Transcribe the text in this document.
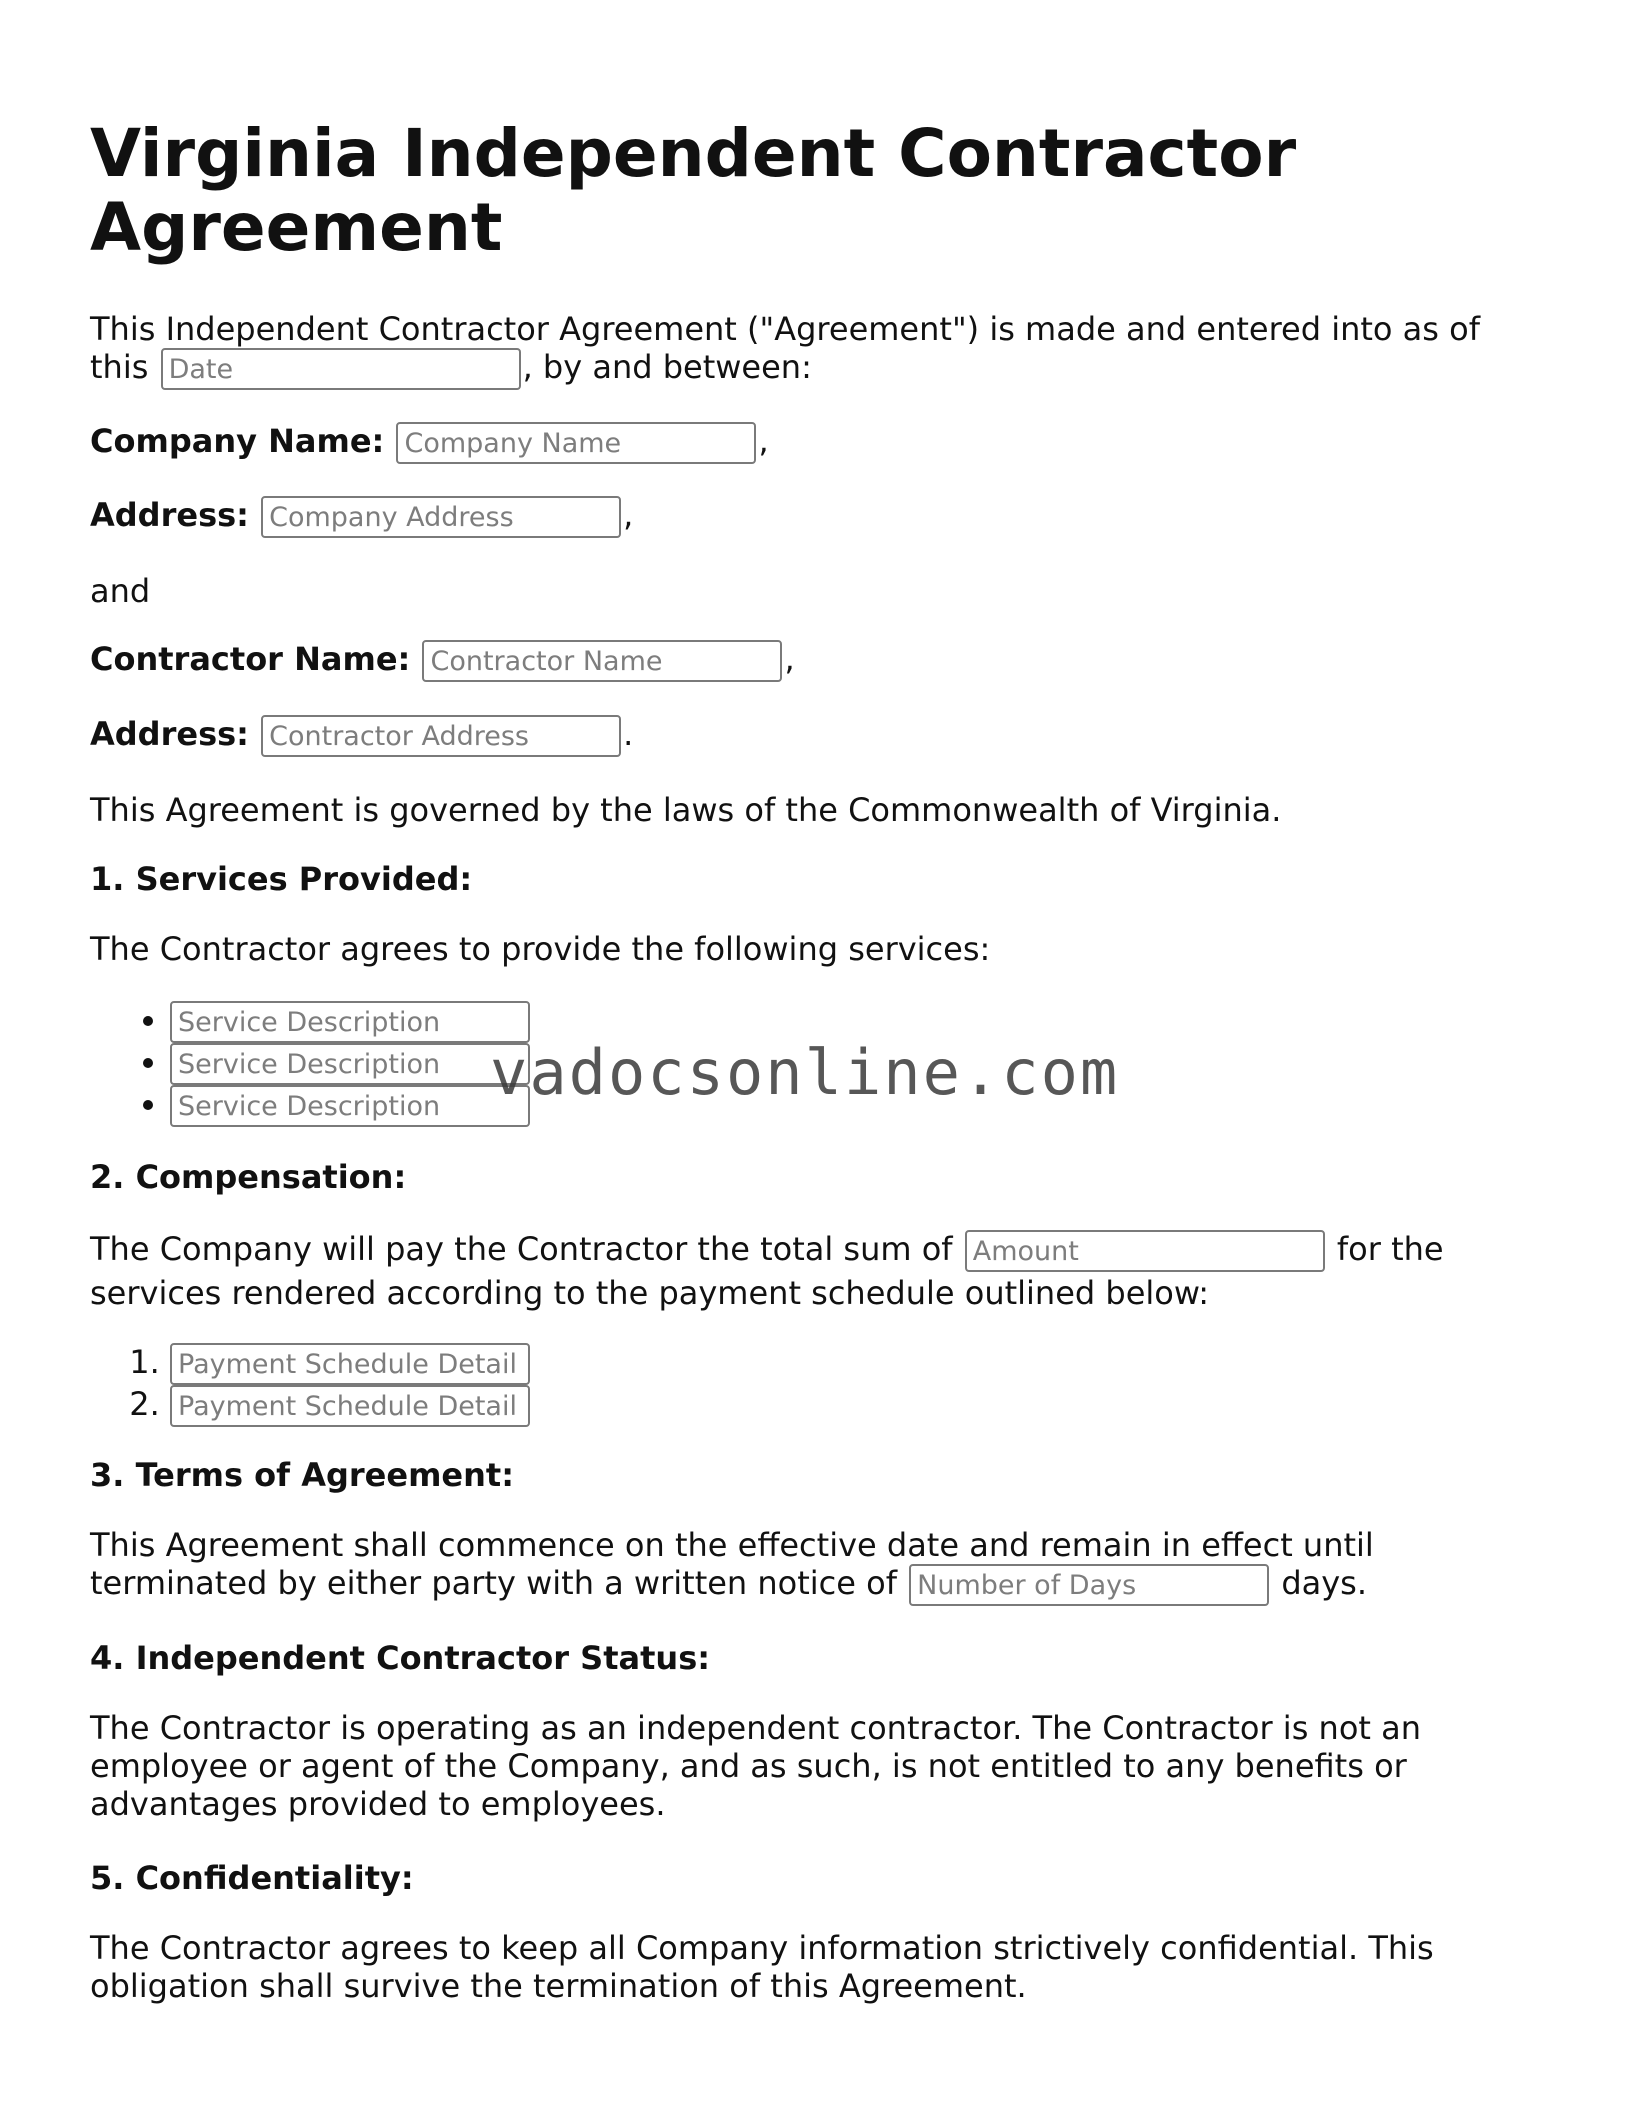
Virginia Independent Contractor Agreement

This Independent Contractor Agreement ("Agreement") is made and entered into as of this Date	, by and between:

Company Name: Company Name	,

Address: Company Address	,

and

Contractor Name: Contractor Name	,

Address: Contractor Address	.

This Agreement is governed by the laws of the Commonwealth of Virginia.

1. Services Provided:

The Contractor agrees to provide the following services:

• Service Description
• Service Description
• Service Description

2. Compensation:

The Company will pay the Contractor the total sum of Amount	for the services rendered according to the payment schedule outlined below:

1. Payment Schedule Detail
2. Payment Schedule Detail

3. Terms of Agreement:

This Agreement shall commence on the effective date and remain in effect until terminated by either party with a written notice of Number of Days	days.

4. Independent Contractor Status:

The Contractor is operating as an independent contractor. The Contractor is not an employee or agent of the Company, and as such, is not entitled to any benefits or advantages provided to employees.

5. Confidentiality:

The Contractor agrees to keep all Company information strictively confidential. This obligation shall survive the termination of this Agreement.

vadocsonline.com
